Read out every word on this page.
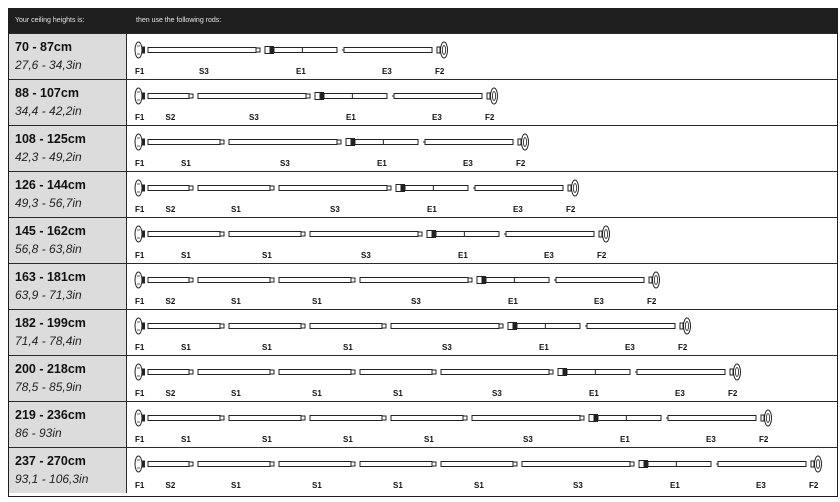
Your ceiling heights is:	then use the following rods:
70 - 87cm
27,6 - 34,3in	F1	S3	E1	E3	F2
88 - 107cm
34,4 - 42,2in	F1	S2	S3	E1	E3	F2
108 - 125cm
42,3 - 49,2in	F1	S1	S3	E1	E3	F2
126 - 144cm
49,3 - 56,7in	F1	S2	S1	S3	E1	E3	F2
145 - 162cm
56,8 - 63,8in	F1	S1	S1	S3	E1	E3	F2
163 - 181cm
63,9 - 71,3in	F1	S2	S1	S1	S3	E1	E3	F2
182 - 199cm
71,4 - 78,4in	F1	S1	S1	S1	S3	E1	E3	F2
200 - 218cm
78,5 - 85,9in	F1	S2	S1	S1	S1	S3	E1	E3	F2
219 - 236cm
86 - 93in	F1	S1	S1	S1	S1	S3	E1	E3	F2
237 - 270cm
93,1 - 106,3in	F1	S2	S1	S1	S1	S1	S3	E1	E3	F2
